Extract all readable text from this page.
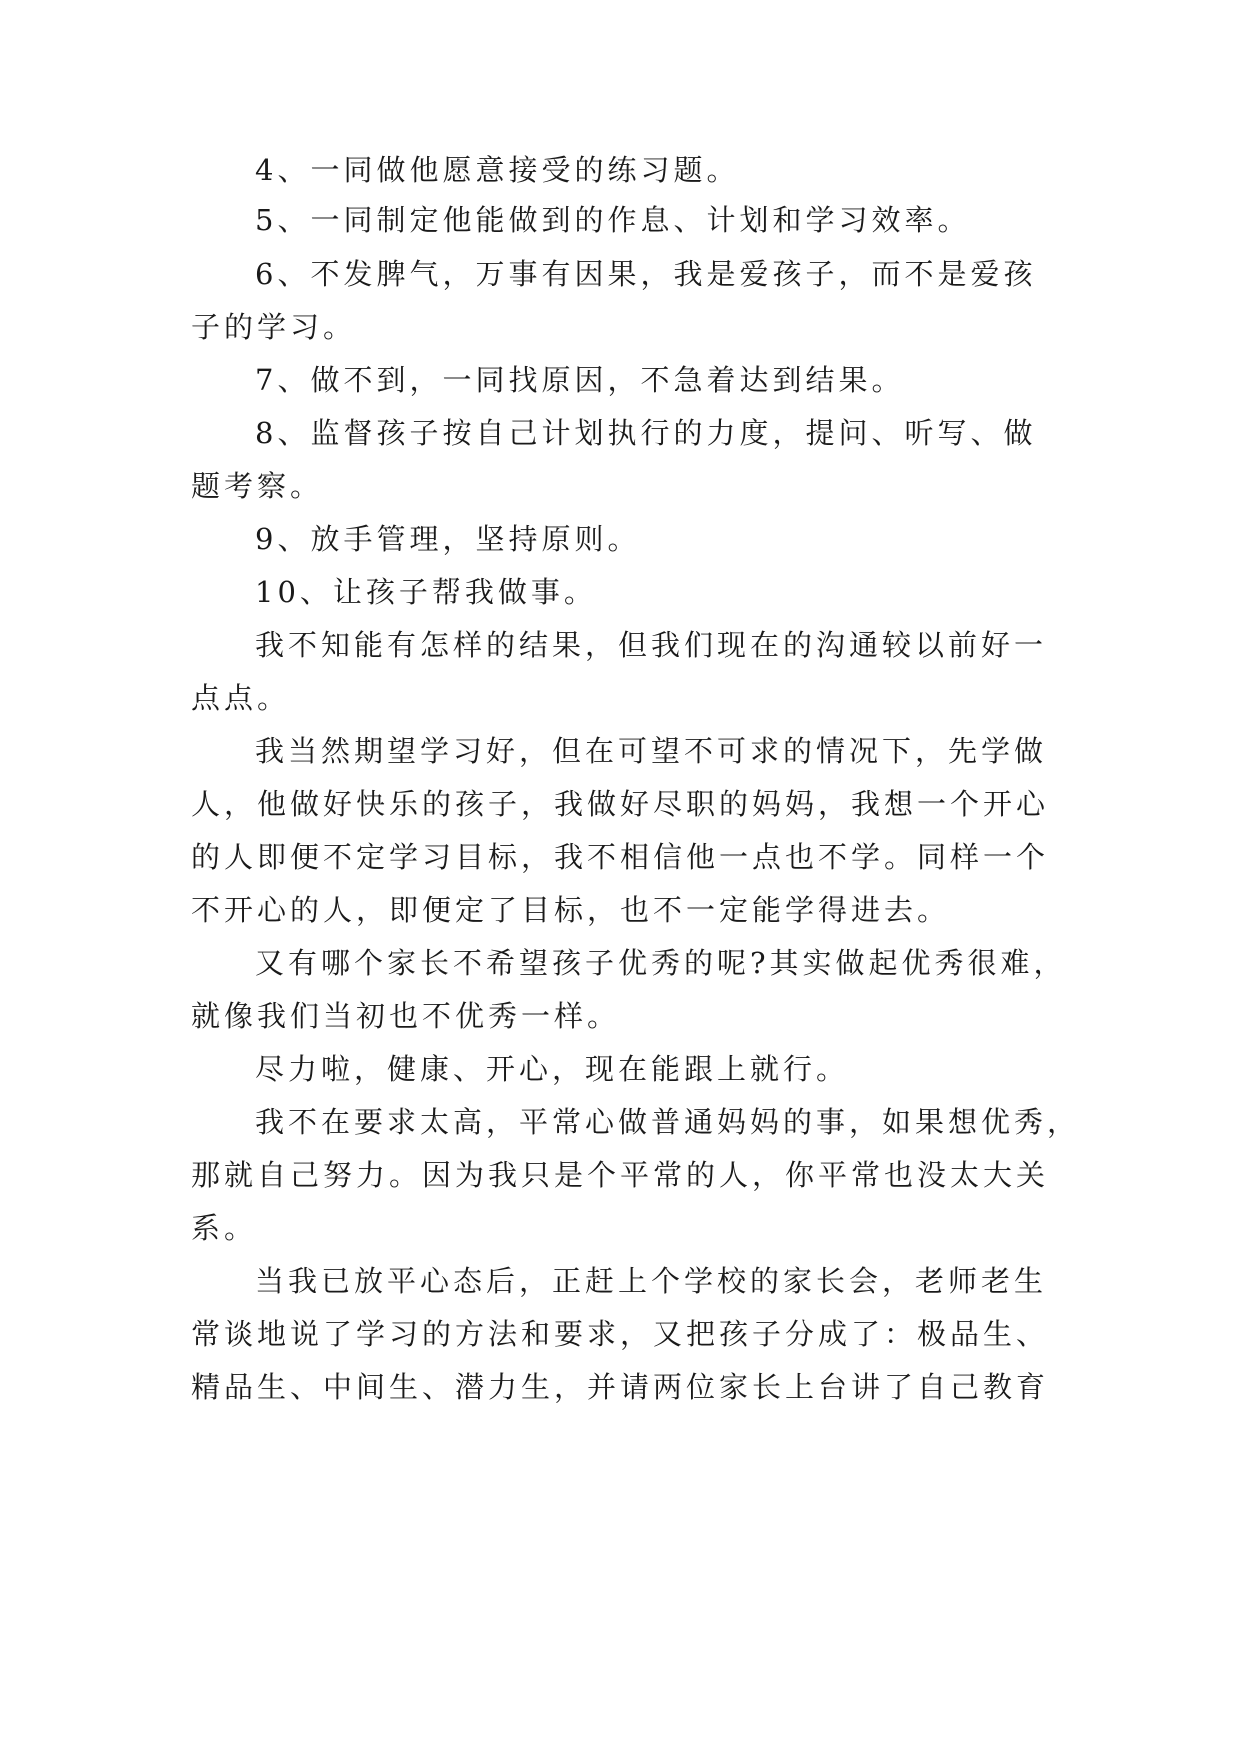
4、一同做他愿意接受的练习题。

5、一同制定他能做到的作息、计划和学习效率。

6、不发脾气，万事有因果，我是爱孩子，而不是爱孩

子的学习。

7、做不到，一同找原因，不急着达到结果。

8、监督孩子按自己计划执行的力度，提问、听写、做

题考察。

9、放手管理，坚持原则。

10、让孩子帮我做事。

我不知能有怎样的结果，但我们现在的沟通较以前好一

点点。

我当然期望学习好，但在可望不可求的情况下，先学做

人，他做好快乐的孩子，我做好尽职的妈妈，我想一个开心

的人即便不定学习目标，我不相信他一点也不学。同样一个

不开心的人，即便定了目标，也不一定能学得进去。

又有哪个家长不希望孩子优秀的呢?其实做起优秀很难，

就像我们当初也不优秀一样。

尽力啦，健康、开心，现在能跟上就行。

我不在要求太高，平常心做普通妈妈的事，如果想优秀，

那就自己努力。因为我只是个平常的人，你平常也没太大关

系。

当我已放平心态后，正赶上个学校的家长会，老师老生

常谈地说了学习的方法和要求，又把孩子分成了：极品生、

精品生、中间生、潜力生，并请两位家长上台讲了自己教育
